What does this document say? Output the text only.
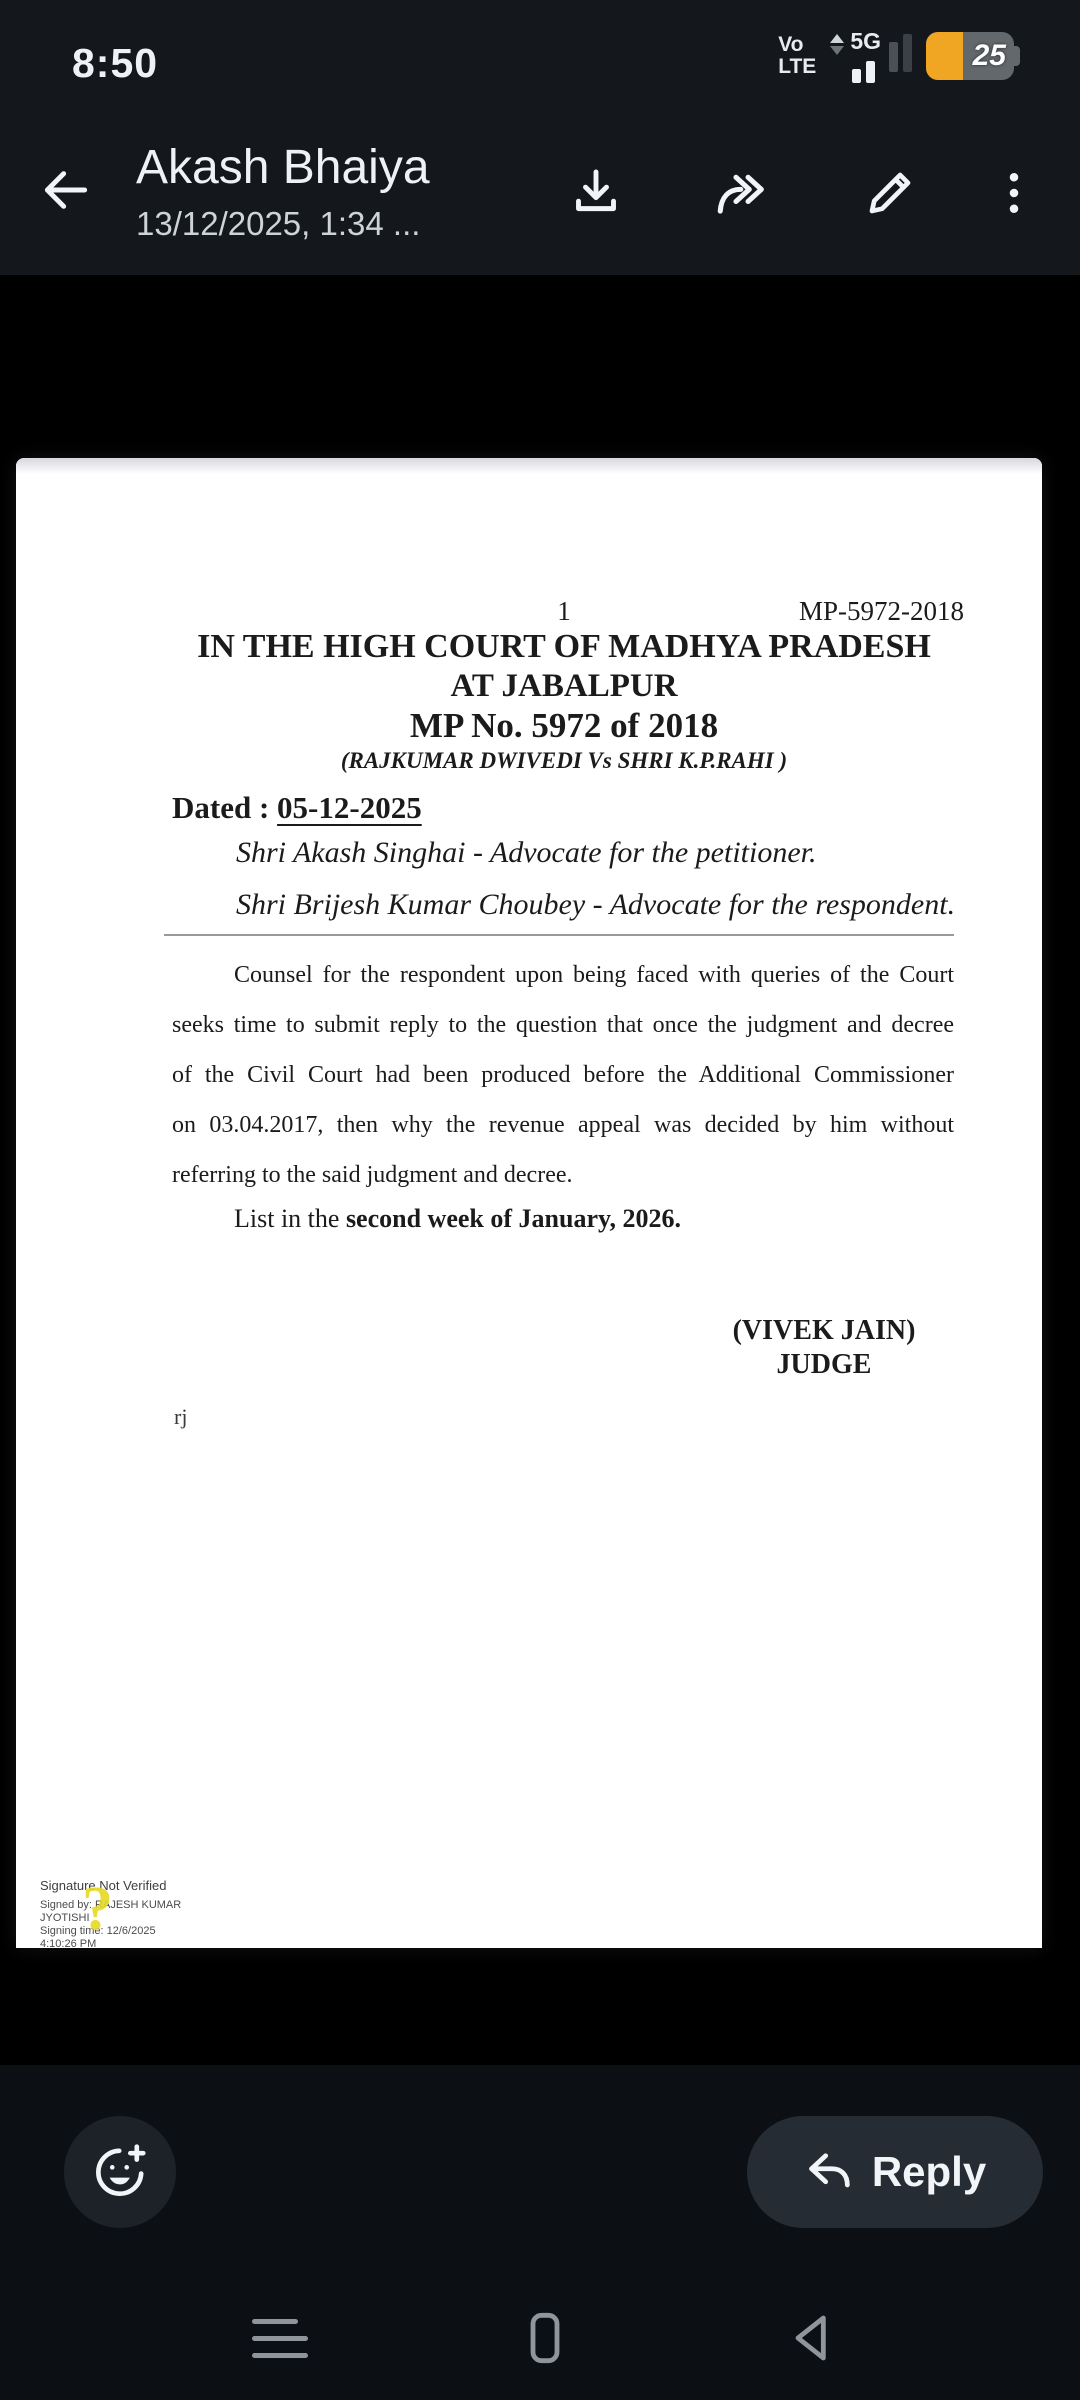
8:50	Vo
LTE
5G	25
Akash Bhaiya
13/12/2025, 1:34 ...
1	MP-5972-2018
IN THE HIGH COURT OF MADHYA PRADESH
AT JABALPUR
MP No. 5972 of 2018
(RAJKUMAR DWIVEDI Vs SHRI K.P.RAHI )
Dated : 05-12-2025
Shri Akash Singhai - Advocate for the petitioner.
Shri Brijesh Kumar Choubey - Advocate for the respondent.
Counsel for the respondent upon being faced with queries of the Court
seeks time to submit reply to the question that once the judgment and decree
of the Civil Court had been produced before the Additional Commissioner
on 03.04.2017, then why the revenue appeal was decided by him without
referring to the said judgment and decree.
List in the second week of January, 2026.
(VIVEK JAIN)
JUDGE
rj
Signature Not Verified
Signed by: RAJESH KUMAR
JYOTISHI
Signing time: 12/6/2025
4:10:26 PM
?
Reply
